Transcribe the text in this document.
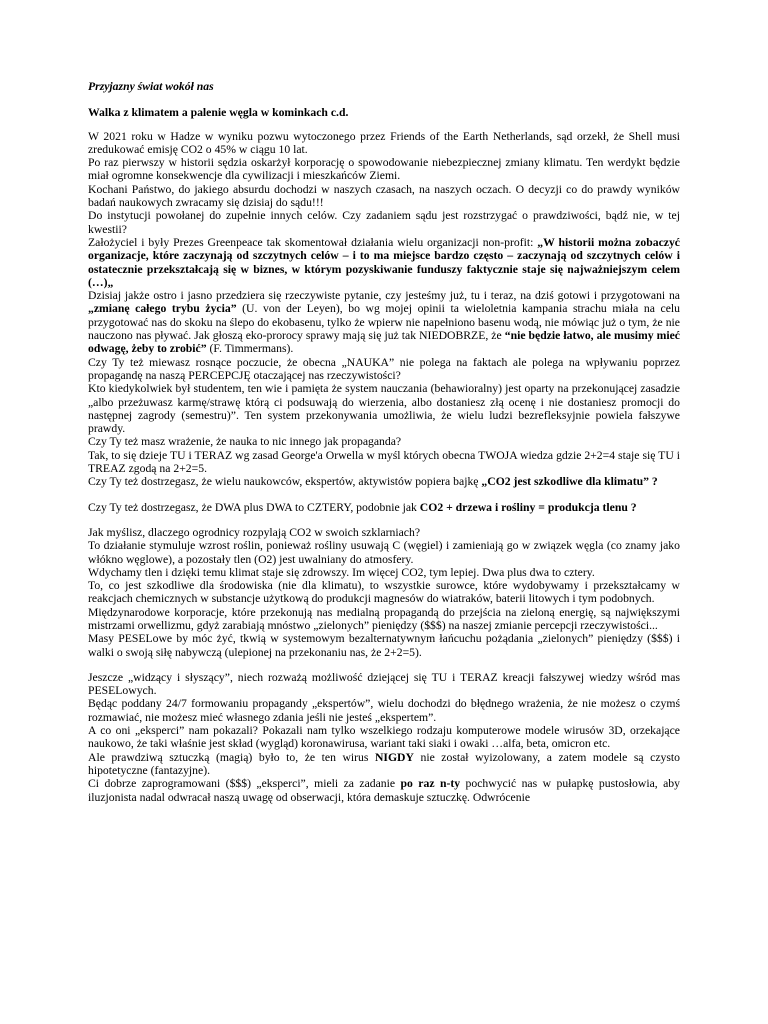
Przyjazny świat wokół nas

Walka z klimatem a palenie węgla w kominkach c.d.

W 2021 roku w Hadze w wyniku pozwu wytoczonego przez Friends of the Earth Netherlands, sąd orzekł, że Shell musi zredukować emisję CO2 o 45% w ciągu 10 lat.

Po raz pierwszy w historii sędzia oskarżył korporację o spowodowanie niebezpiecznej zmiany klimatu. Ten werdykt będzie miał ogromne konsekwencje dla cywilizacji i mieszkańców Ziemi.

Kochani Państwo, do jakiego absurdu dochodzi w naszych czasach, na naszych oczach. O decyzji co do prawdy wyników badań naukowych zwracamy się dzisiaj do sądu!!!

Do instytucji powołanej do zupełnie innych celów. Czy zadaniem sądu jest rozstrzygać o prawdziwości, bądź nie, w tej kwestii?

Założyciel i były Prezes Greenpeace tak skomentował działania wielu organizacji non-profit: „W historii można zobaczyć organizacje, które zaczynają od szczytnych celów – i to ma miejsce bardzo często – zaczynają od szczytnych celów i ostatecznie przekształcają się w biznes, w którym pozyskiwanie funduszy faktycznie staje się najważniejszym celem (…)„

Dzisiaj jakże ostro i jasno przedziera się rzeczywiste pytanie, czy jesteśmy już, tu i teraz, na dziś gotowi i przygotowani na „zmianę całego trybu życia” (U. von der Leyen), bo wg mojej opinii ta wieloletnia kampania strachu miała na celu przygotować nas do skoku na ślepo do ekobasenu, tylko że wpierw nie napełniono basenu wodą, nie mówiąc już o tym, że nie nauczono nas pływać. Jak głoszą eko-prorocy sprawy mają się już tak NIEDOBRZE, że “nie będzie łatwo, ale musimy mieć odwagę, żeby to zrobić” (F. Timmermans).

Czy Ty też miewasz rosnące poczucie, że obecna „NAUKA” nie polega na faktach ale polega na wpływaniu poprzez propagandę na naszą PERCEPCJĘ otaczającej nas rzeczywistości?

Kto kiedykolwiek był studentem, ten wie i pamięta że system nauczania (behawioralny) jest oparty na przekonującej zasadzie „albo przeżuwasz karmę/strawę którą ci podsuwają do wierzenia, albo dostaniesz złą ocenę i nie dostaniesz promocji do następnej zagrody (semestru)”. Ten system przekonywania umożliwia, że wielu ludzi bezrefleksyjnie powiela fałszywe prawdy.

Czy Ty też masz wrażenie, że nauka to nic innego jak propaganda?

Tak, to się dzieje TU i TERAZ wg zasad George'a Orwella w myśl których obecna TWOJA wiedza gdzie 2+2=4 staje się TU i TREAZ zgodą na 2+2=5.

Czy Ty też dostrzegasz, że wielu naukowców, ekspertów, aktywistów popiera bajkę „CO2 jest szkodliwe dla klimatu” ?

Czy Ty też dostrzegasz, że DWA plus DWA to CZTERY, podobnie jak CO2 + drzewa i rośliny = produkcja tlenu ?

Jak myślisz, dlaczego ogrodnicy rozpylają CO2 w swoich szklarniach?

To działanie stymuluje wzrost roślin, ponieważ rośliny usuwają C (węgiel) i zamieniają go w związek węgla (co znamy jako włókno węglowe), a pozostały tlen (O2) jest uwalniany do atmosfery.

Wdychamy tlen i dzięki temu klimat staje się zdrowszy. Im więcej CO2, tym lepiej. Dwa plus dwa to cztery.

To, co jest szkodliwe dla środowiska (nie dla klimatu), to wszystkie surowce, które wydobywamy i przekształcamy w reakcjach chemicznych w substancje użytkową do produkcji magnesów do wiatraków, baterii litowych i tym podobnych.

Międzynarodowe korporacje, które przekonują nas medialną propagandą do przejścia na zieloną energię, są największymi mistrzami orwellizmu, gdyż zarabiają mnóstwo „zielonych” pieniędzy ($$$) na naszej zmianie percepcji rzeczywistości...

Masy PESELowe by móc żyć, tkwią w systemowym bezalternatywnym łańcuchu pożądania „zielonych” pieniędzy ($$$) i walki o swoją siłę nabywczą (ulepionej na przekonaniu nas, że 2+2=5).

Jeszcze „widzący i słyszący”, niech rozważą możliwość dziejącej się TU i TERAZ kreacji fałszywej wiedzy wśród mas PESELowych.

Będąc poddany 24/7 formowaniu propagandy „ekspertów”, wielu dochodzi do błędnego wrażenia, że nie możesz o czymś rozmawiać, nie możesz mieć własnego zdania jeśli nie jesteś „ekspertem”.

A co oni „eksperci” nam pokazali? Pokazali nam tylko wszelkiego rodzaju komputerowe modele wirusów 3D, orzekające naukowo, że taki właśnie jest skład (wygląd) koronawirusa, wariant taki siaki i owaki …alfa, beta, omicron etc.

Ale prawdziwą sztuczką (magią) było to, że ten wirus NIGDY nie został wyizolowany, a zatem modele są czysto hipotetyczne (fantazyjne).

Ci dobrze zaprogramowani ($$$) „eksperci”, mieli za zadanie po raz n-ty pochwycić nas w pułapkę pustosłowia, aby iluzjonista nadal odwracał naszą uwagę od obserwacji, która demaskuje sztuczkę. Odwrócenie
